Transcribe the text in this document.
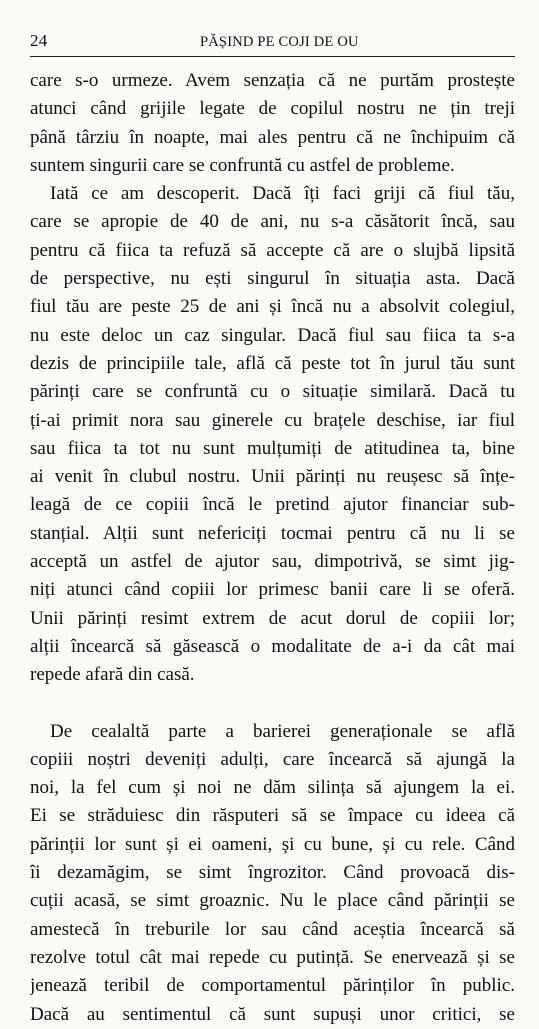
24	PĂȘIND PE COJI DE OU

care s-o urmeze. Avem senzația că ne purtăm prostește
atunci când grijile legate de copilul nostru ne țin treji
până târziu în noapte, mai ales pentru că ne închipuim că
suntem singurii care se confruntă cu astfel de probleme.

Iată ce am descoperit. Dacă îți faci griji că fiul tău,
care se apropie de 40 de ani, nu s-a căsătorit încă, sau
pentru că fiica ta refuză să accepte că are o slujbă lipsită
de perspective, nu ești singurul în situația asta. Dacă
fiul tău are peste 25 de ani și încă nu a absolvit colegiul,
nu este deloc un caz singular. Dacă fiul sau fiica ta s-a
dezis de principiile tale, află că peste tot în jurul tău sunt
părinți care se confruntă cu o situație similară. Dacă tu
ți-ai primit nora sau ginerele cu brațele deschise, iar fiul
sau fiica ta tot nu sunt mulțumiți de atitudinea ta, bine
ai venit în clubul nostru. Unii părinți nu reușesc să înțe-
leagă de ce copiii încă le pretind ajutor financiar sub-
stanțial. Alții sunt nefericiți tocmai pentru că nu li se
acceptă un astfel de ajutor sau, dimpotrivă, se simt jig-
niți atunci când copiii lor primesc banii care li se oferă.
Unii părinți resimt extrem de acut dorul de copiii lor;
alții încearcă să găsească o modalitate de a-i da cât mai
repede afară din casă.

De cealaltă parte a barierei generaționale se află
copiii noștri deveniți adulți, care încearcă să ajungă la
noi, la fel cum și noi ne dăm silința să ajungem la ei.
Ei se străduiesc din răsputeri să se împace cu ideea că
părinții lor sunt și ei oameni, și cu bune, și cu rele. Când
îi dezamăgim, se simt îngrozitor. Când provoacă dis-
cuții acasă, se simt groaznic. Nu le place când părinții se
amestecă în treburile lor sau când aceștia încearcă să
rezolve totul cât mai repede cu putință. Se enervează și se
jenează teribil de comportamentul părinților în public.
Dacă au sentimentul că sunt supuși unor critici, se
